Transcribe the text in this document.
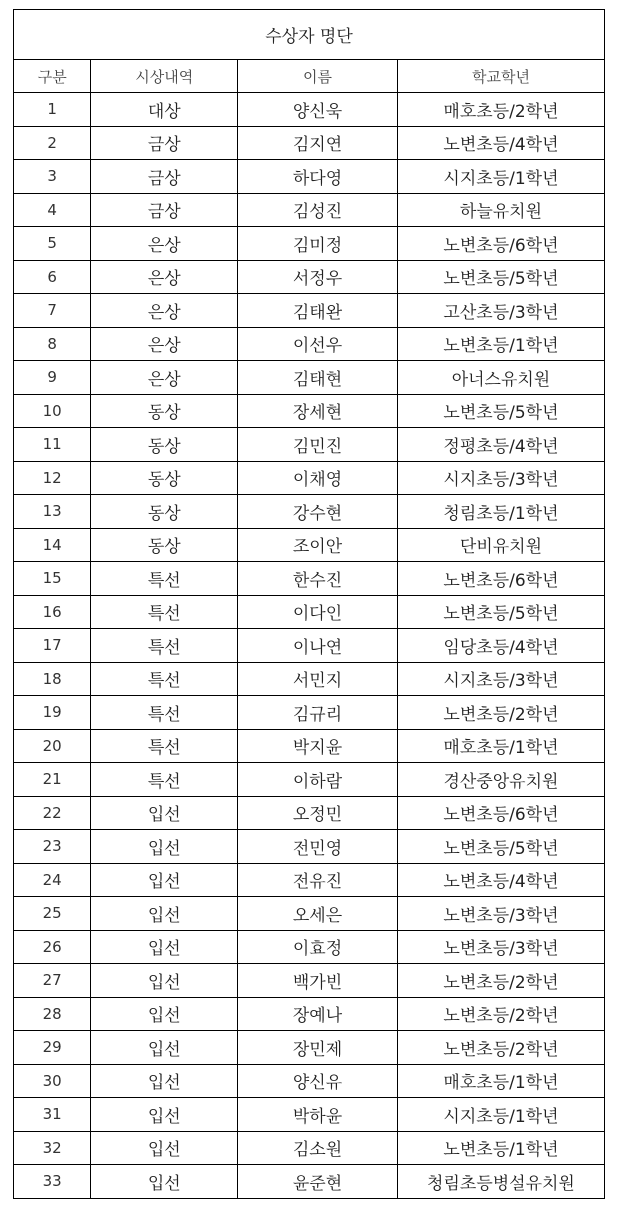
수상자 명단			
구분	시상내역	이름	학교학년
1	대상	양신욱	매호초등/2학년
2	금상	김지연	노변초등/4학년
3	금상	하다영	시지초등/1학년
4	금상	김성진	하늘유치원
5	은상	김미정	노변초등/6학년
6	은상	서정우	노변초등/5학년
7	은상	김태완	고산초등/3학년
8	은상	이선우	노변초등/1학년
9	은상	김태현	아너스유치원
10	동상	장세현	노변초등/5학년
11	동상	김민진	정평초등/4학년
12	동상	이채영	시지초등/3학년
13	동상	강수현	청림초등/1학년
14	동상	조이안	단비유치원
15	특선	한수진	노변초등/6학년
16	특선	이다인	노변초등/5학년
17	특선	이나연	임당초등/4학년
18	특선	서민지	시지초등/3학년
19	특선	김규리	노변초등/2학년
20	특선	박지윤	매호초등/1학년
21	특선	이하람	경산중앙유치원
22	입선	오정민	노변초등/6학년
23	입선	전민영	노변초등/5학년
24	입선	전유진	노변초등/4학년
25	입선	오세은	노변초등/3학년
26	입선	이효정	노변초등/3학년
27	입선	백가빈	노변초등/2학년
28	입선	장예나	노변초등/2학년
29	입선	장민제	노변초등/2학년
30	입선	양신유	매호초등/1학년
31	입선	박하윤	시지초등/1학년
32	입선	김소원	노변초등/1학년
33	입선	윤준현	청림초등병설유치원
